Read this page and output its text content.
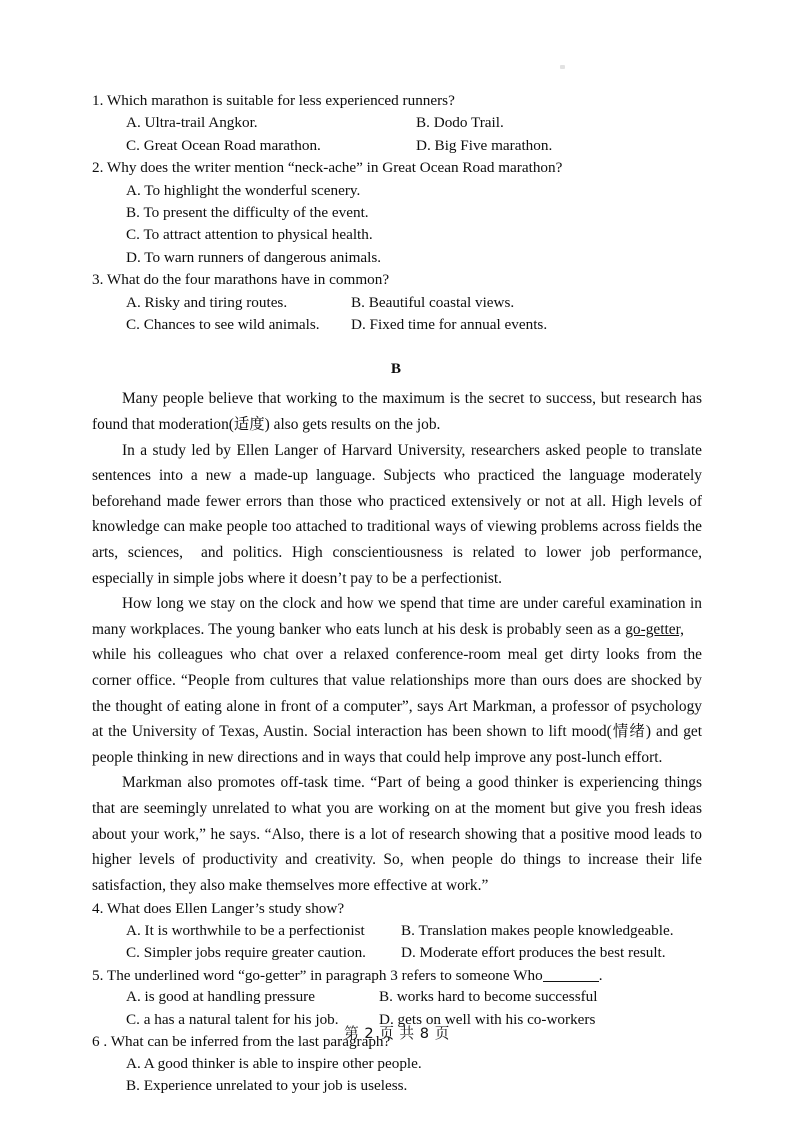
1. Which marathon is suitable for less experienced runners?

A. Ultra-trail Angkor.	B. Dodo Trail.
C. Great Ocean Road marathon.	D. Big Five marathon.

2. Why does the writer mention “neck-ache” in Great Ocean Road marathon?

A. To highlight the wonderful scenery.
B. To present the difficulty of the event.
C. To attract attention to physical health.
D. To warn runners of dangerous animals.

3. What do the four marathons have in common?

A. Risky and tiring routes.	B. Beautiful coastal views.
C. Chances to see wild animals.	D. Fixed time for annual events.

B

Many people believe that working to the maximum is the secret to success, but research has found that moderation(适度) also gets results on the job.

In a study led by Ellen Langer of Harvard University, researchers asked people to translate sentences into a new a made-up language. Subjects who practiced the language moderately beforehand made fewer errors than those who practiced extensively or not at all. High levels of knowledge can make people too attached to traditional ways of viewing problems across fields the arts, sciences, and politics. High conscientiousness is related to lower job performance, especially in simple jobs where it doesn’t pay to be a perfectionist.

How long we stay on the clock and how we spend that time are under careful examination in many workplaces. The young banker who eats lunch at his desk is probably seen as a go-getter,while his colleagues who chat over a relaxed conference-room meal get dirty looks from the corner office. “People from cultures that value relationships more than ours does are shocked by the thought of eating alone in front of a computer”, says Art Markman, a professor of psychology at the University of Texas, Austin. Social interaction has been shown to lift mood(情绪) and get people thinking in new directions and in ways that could help improve any post-lunch effort.

Markman also promotes off-task time. “Part of being a good thinker is experiencing things that are seemingly unrelated to what you are working on at the moment but give you fresh ideas about your work,” he says. “Also, there is a lot of research showing that a positive mood leads to higher levels of productivity and creativity. So, when people do things to increase their life satisfaction, they also make themselves more effective at work.”

4. What does Ellen Langer’s study show?

A. It is worthwhile to be a perfectionist	B. Translation makes people knowledgeable.
C. Simpler jobs require greater caution.	D. Moderate effort produces the best result.

5. The underlined word “go-getter” in paragraph 3 refers to someone Who	.

A. is good at handling pressure	B. works hard to become successful
C. a has a natural talent for his job.	D. gets on well with his co-workers

6 . What can be inferred from the last paragraph?

A. A good thinker is able to inspire other people.
B. Experience unrelated to your job is useless.
第 2 页 共 8 页
